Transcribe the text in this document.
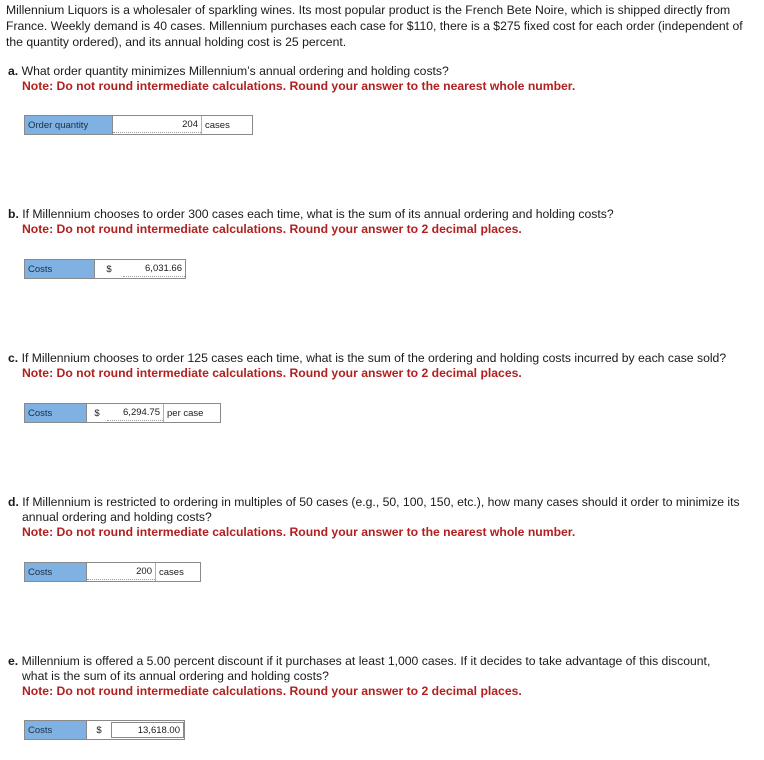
Millennium Liquors is a wholesaler of sparkling wines. Its most popular product is the French Bete Noire, which is shipped directly from France. Weekly demand is 40 cases. Millennium purchases each case for $110, there is a $275 fixed cost for each order (independent of the quantity ordered), and its annual holding cost is 25 percent.

a. What order quantity minimizes Millennium’s annual ordering and holding costs?
Note: Do not round intermediate calculations. Round your answer to the nearest whole number.
Order quantity	204 cases
b. If Millennium chooses to order 300 cases each time, what is the sum of its annual ordering and holding costs?
Note: Do not round intermediate calculations. Round your answer to 2 decimal places.
Costs	$	6,031.66
c. If Millennium chooses to order 125 cases each time, what is the sum of the ordering and holding costs incurred by each case sold?
Note: Do not round intermediate calculations. Round your answer to 2 decimal places.
Costs	$	6,294.75 per case
d. If Millennium is restricted to ordering in multiples of 50 cases (e.g., 50, 100, 150, etc.), how many cases should it order to minimize its
annual ordering and holding costs?
Note: Do not round intermediate calculations. Round your answer to the nearest whole number.
Costs	200 cases
e. Millennium is offered a 5.00 percent discount if it purchases at least 1,000 cases. If it decides to take advantage of this discount,
what is the sum of its annual ordering and holding costs?
Note: Do not round intermediate calculations. Round your answer to 2 decimal places.
Costs	$	13,618.00
